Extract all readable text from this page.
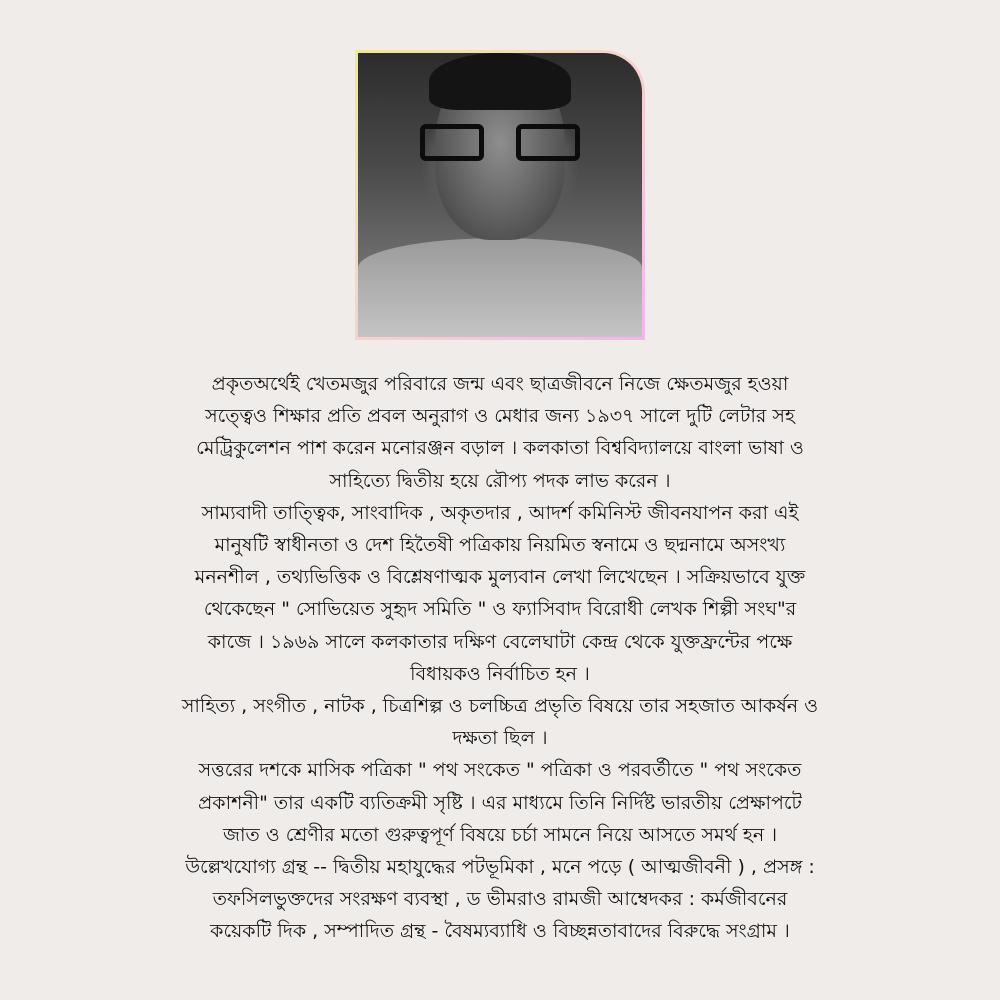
প্রকৃতঅর্থেই খেতমজুর পরিবারে জন্ম এবং ছাত্রজীবনে নিজে ক্ষেতমজুর হওয়া
সত্ত্বেও শিক্ষার প্রতি প্রবল অনুরাগ ও মেধার জন্য ১৯৩৭ সালে দুটি লেটার সহ
মেট্রিকুলেশন পাশ করেন মনোরঞ্জন বড়াল । কলকাতা বিশ্ববিদ্যালয়ে বাংলা ভাষা ও
সাহিত্যে দ্বিতীয় হয়ে রৌপ্য পদক লাভ করেন ।
সাম্যবাদী তাত্ত্বিক, সাংবাদিক , অকৃতদার , আদর্শ কমিনিস্ট জীবনযাপন করা এই
মানুষটি স্বাধীনতা ও দেশ হিতৈষী পত্রিকায় নিয়মিত স্বনামে ও ছদ্মনামে অসংখ্য
মননশীল , তথ্যভিত্তিক ও বিশ্লেষণাত্মক মুল্যবান লেখা লিখেছেন । সক্রিয়ভাবে যুক্ত
থেকেছেন " সোভিয়েত সুহৃদ সমিতি " ও ফ্যাসিবাদ বিরোধী লেখক শিল্পী সংঘ"র
কাজে । ১৯৬৯ সালে কলকাতার দক্ষিণ বেলেঘাটা কেন্দ্র থেকে যুক্তফ্রন্টের পক্ষে
বিধায়কও নির্বাচিত হন ।
সাহিত্য , সংগীত , নাটক , চিত্রশিল্প ও চলচ্চিত্র প্রভৃতি বিষয়ে তার সহজাত আকর্ষন ও
দক্ষতা ছিল ।
সত্তরের দশকে মাসিক পত্রিকা " পথ সংকেত " পত্রিকা ও পরবর্তীতে " পথ সংকেত
প্রকাশনী" তার একটি ব্যতিক্রমী সৃষ্টি । এর মাধ্যমে তিনি নির্দিষ্ট ভারতীয় প্রেক্ষাপটে
জাত ও শ্রেণীর মতো গুরুত্বপূর্ণ বিষয়ে চর্চা সামনে নিয়ে আসতে সমর্থ হন ।
উল্লেখযোগ্য গ্রন্থ -- দ্বিতীয় মহাযুদ্ধের পটভূমিকা , মনে পড়ে ( আত্মজীবনী ) , প্রসঙ্গ :
তফসিলভুক্তদের সংরক্ষণ ব্যবস্থা , ড ভীমরাও রামজী আম্বেদকর : কর্মজীবনের
কয়েকটি দিক , সম্পাদিত গ্রন্থ - বৈষম্যব্যাধি ও বিচ্ছন্নতাবাদের বিরুদ্ধে সংগ্রাম ।
